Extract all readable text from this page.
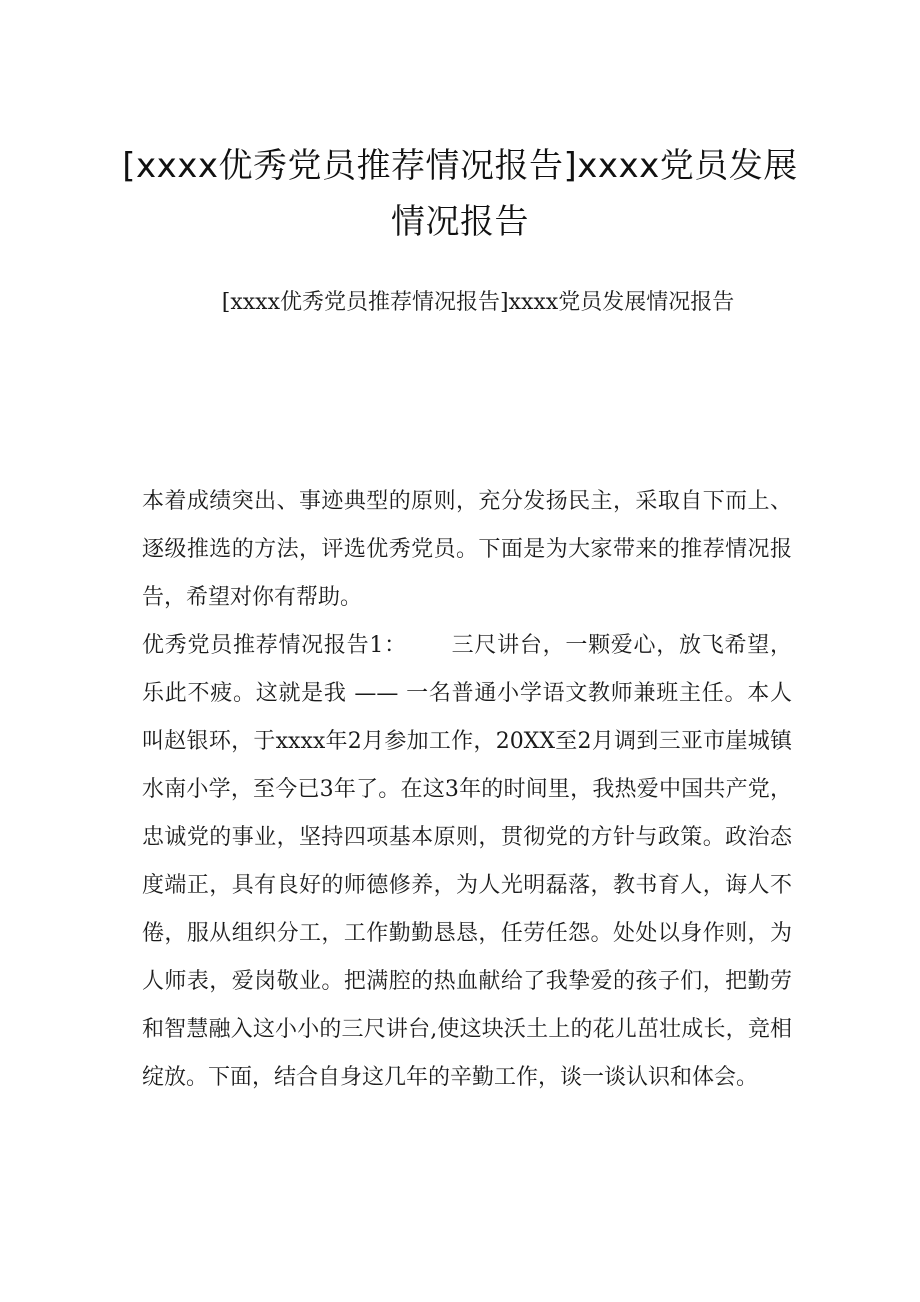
[xxxx优秀党员推荐情况报告]xxxx党员发展情况报告
[xxxx优秀党员推荐情况报告]xxxx党员发展情况报告

本着成绩突出、事迹典型的原则，充分发扬民主，采取自下而上、逐级推选的方法，评选优秀党员。下面是为大家带来的推荐情况报告，希望对你有帮助。

优秀党员推荐情况报告1： 三尺讲台，一颗爱心，放飞希望，乐此不疲。这就是我 —— 一名普通小学语文教师兼班主任。本人叫赵银环，于xxxx年2月参加工作，20XX至2月调到三亚市崖城镇水南小学，至今已3年了。在这3年的时间里，我热爱中国共产党，忠诚党的事业，坚持四项基本原则，贯彻党的方针与政策。政治态度端正，具有良好的师德修养，为人光明磊落，教书育人，诲人不倦，服从组织分工，工作勤勤恳恳，任劳任怨。处处以身作则，为人师表，爱岗敬业。把满腔的热血献给了我挚爱的孩子们，把勤劳和智慧融入这小小的三尺讲台,使这块沃土上的花儿茁壮成长，竞相绽放。下面，结合自身这几年的辛勤工作，谈一谈认识和体会。
